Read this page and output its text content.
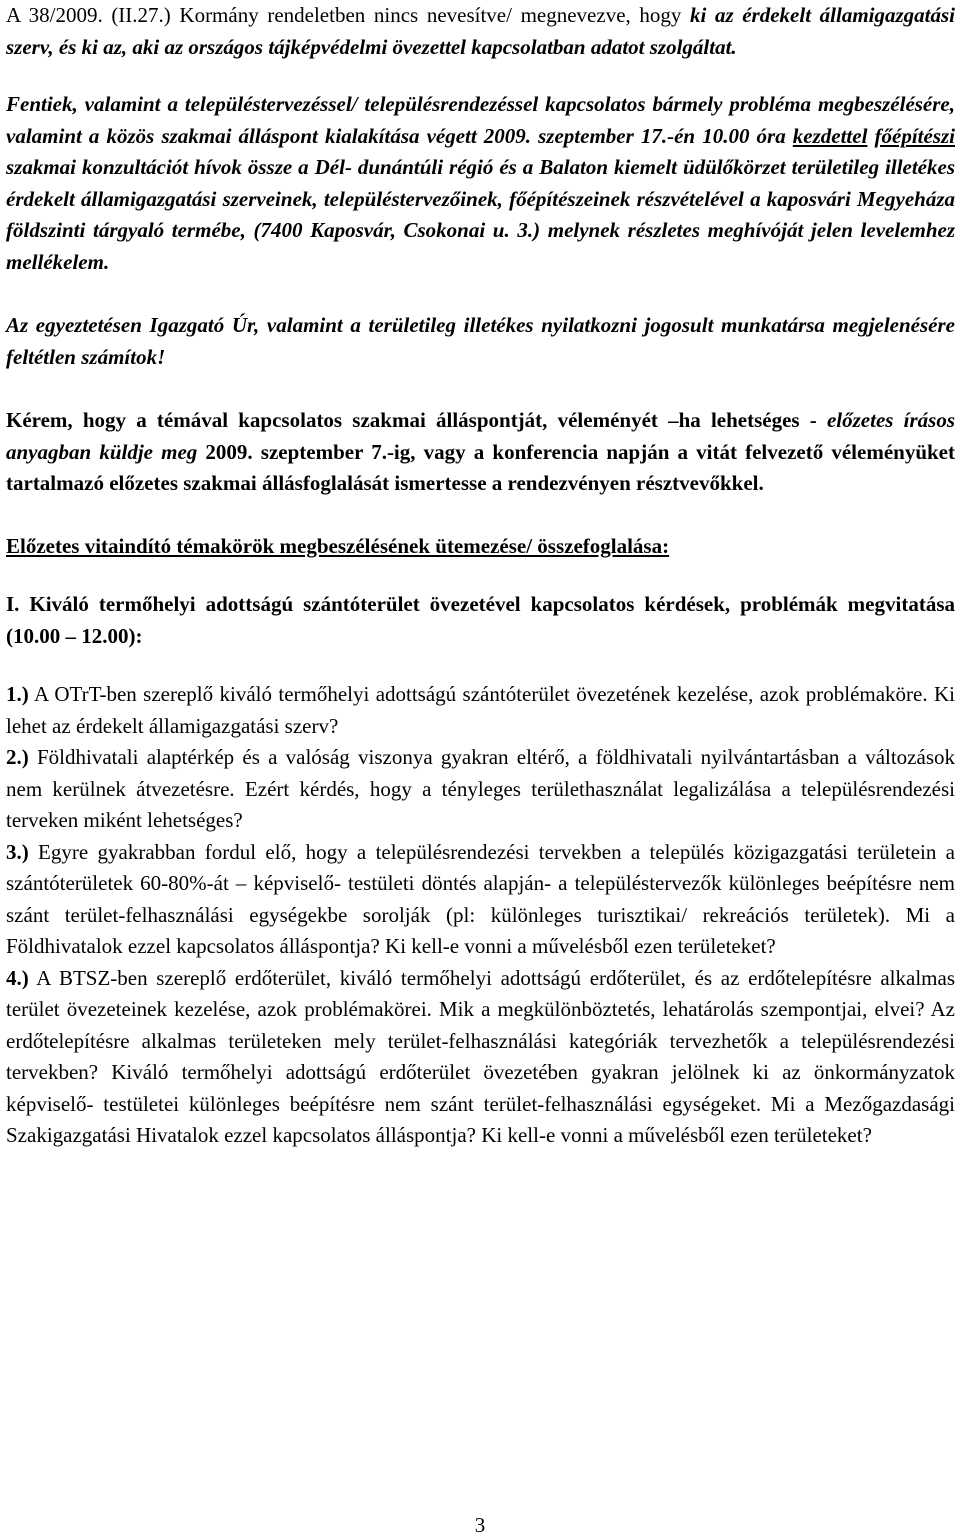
A 38/2009. (II.27.) Kormány rendeletben nincs nevesítve/ megnevezve, hogy ki az érdekelt államigazgatási szerv, és ki az, aki az országos tájképvédelmi övezettel kapcsolatban adatot szolgáltat.

Fentiek, valamint a településtervezéssel/ településrendezéssel kapcsolatos bármely probléma megbeszélésére, valamint a közös szakmai álláspont kialakítása végett 2009. szeptember 17.-én 10.00 óra kezdettel főépítészi szakmai konzultációt hívok össze a Dél- dunántúli régió és a Balaton kiemelt üdülőkörzet területileg illetékes érdekelt államigazgatási szerveinek, településtervezőinek, főépítészeinek részvételével a kaposvári Megyeháza földszinti tárgyaló termébe, (7400 Kaposvár, Csokonai u. 3.) melynek részletes meghívóját jelen levelemhez mellékelem.

Az egyeztetésen Igazgató Úr, valamint a területileg illetékes nyilatkozni jogosult munkatársa megjelenésére feltétlen számítok!

Kérem, hogy a témával kapcsolatos szakmai álláspontját, véleményét –ha lehetséges - előzetes írásos anyagban küldje meg 2009. szeptember 7.-ig, vagy a konferencia napján a vitát felvezető véleményüket tartalmazó előzetes szakmai állásfoglalását ismertesse a rendezvényen résztvevőkkel.

Előzetes vitaindító témakörök megbeszélésének ütemezése/ összefoglalása:

I. Kiváló termőhelyi adottságú szántóterület övezetével kapcsolatos kérdések, problémák megvitatása (10.00 – 12.00):

1.) A OTrT-ben szereplő kiváló termőhelyi adottságú szántóterület övezetének kezelése, azok problémaköre. Ki lehet az érdekelt államigazgatási szerv?

2.) Földhivatali alaptérkép és a valóság viszonya gyakran eltérő, a földhivatali nyilvántartásban a változások nem kerülnek átvezetésre. Ezért kérdés, hogy a tényleges területhasználat legalizálása a településrendezési terveken miként lehetséges?

3.) Egyre gyakrabban fordul elő, hogy a településrendezési tervekben a település közigazgatási területein a szántóterületek 60-80%-át – képviselő- testületi döntés alapján- a településtervezők különleges beépítésre nem szánt terület-felhasználási egységekbe sorolják (pl: különleges turisztikai/ rekreációs területek). Mi a Földhivatalok ezzel kapcsolatos álláspontja? Ki kell-e vonni a művelésből ezen területeket?

4.) A BTSZ-ben szereplő erdőterület, kiváló termőhelyi adottságú erdőterület, és az erdőtelepítésre alkalmas terület övezeteinek kezelése, azok problémakörei. Mik a megkülönböztetés, lehatárolás szempontjai, elvei? Az erdőtelepítésre alkalmas területeken mely terület-felhasználási kategóriák tervezhetők a településrendezési tervekben? Kiváló termőhelyi adottságú erdőterület övezetében gyakran jelölnek ki az önkormányzatok képviselő- testületei különleges beépítésre nem szánt terület-felhasználási egységeket. Mi a Mezőgazdasági Szakigazgatási Hivatalok ezzel kapcsolatos álláspontja? Ki kell-e vonni a művelésből ezen területeket?

3
